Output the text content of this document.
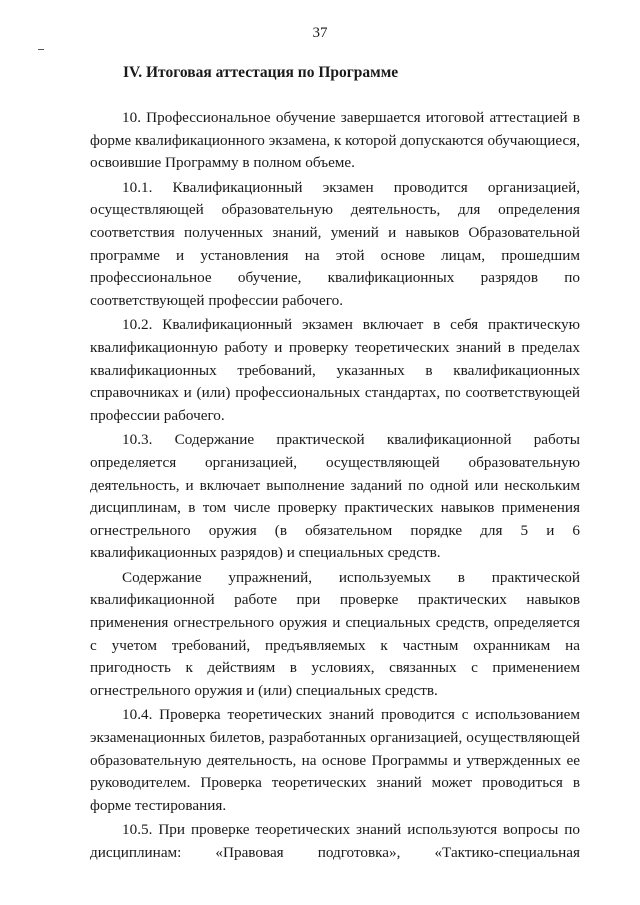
37
IV. Итоговая аттестация по Программе

10. Профессиональное обучение завершается итоговой аттестацией в форме квалификационного экзамена, к которой допускаются обучающиеся, освоившие Программу в полном объеме.

10.1. Квалификационный экзамен проводится организацией, осуществляющей образовательную деятельность, для определения соответствия полученных знаний, умений и навыков Образовательной программе и установления на этой основе лицам, прошедшим профессиональное обучение, квалификационных разрядов по соответствующей профессии рабочего.

10.2. Квалификационный экзамен включает в себя практическую квалификационную работу и проверку теоретических знаний в пределах квалификационных требований, указанных в квалификационных справочниках и (или) профессиональных стандартах, по соответствующей профессии рабочего.

10.3. Содержание практической квалификационной работы определяется организацией, осуществляющей образовательную деятельность, и включает выполнение заданий по одной или нескольким дисциплинам, в том числе проверку практических навыков применения огнестрельного оружия (в обязательном порядке для 5 и 6 квалификационных разрядов) и специальных средств.

Содержание упражнений, используемых в практической квалификационной работе при проверке практических навыков применения огнестрельного оружия и специальных средств, определяется с учетом требований, предъявляемых к частным охранникам на пригодность к действиям в условиях, связанных с применением огнестрельного оружия и (или) специальных средств.

10.4. Проверка теоретических знаний проводится с использованием экзаменационных билетов, разработанных организацией, осуществляющей образовательную деятельность, на основе Программы и утвержденных ее руководителем. Проверка теоретических знаний может проводиться в форме тестирования.

10.5. При проверке теоретических знаний используются вопросы по дисциплинам: «Правовая подготовка», «Тактико-специальная
